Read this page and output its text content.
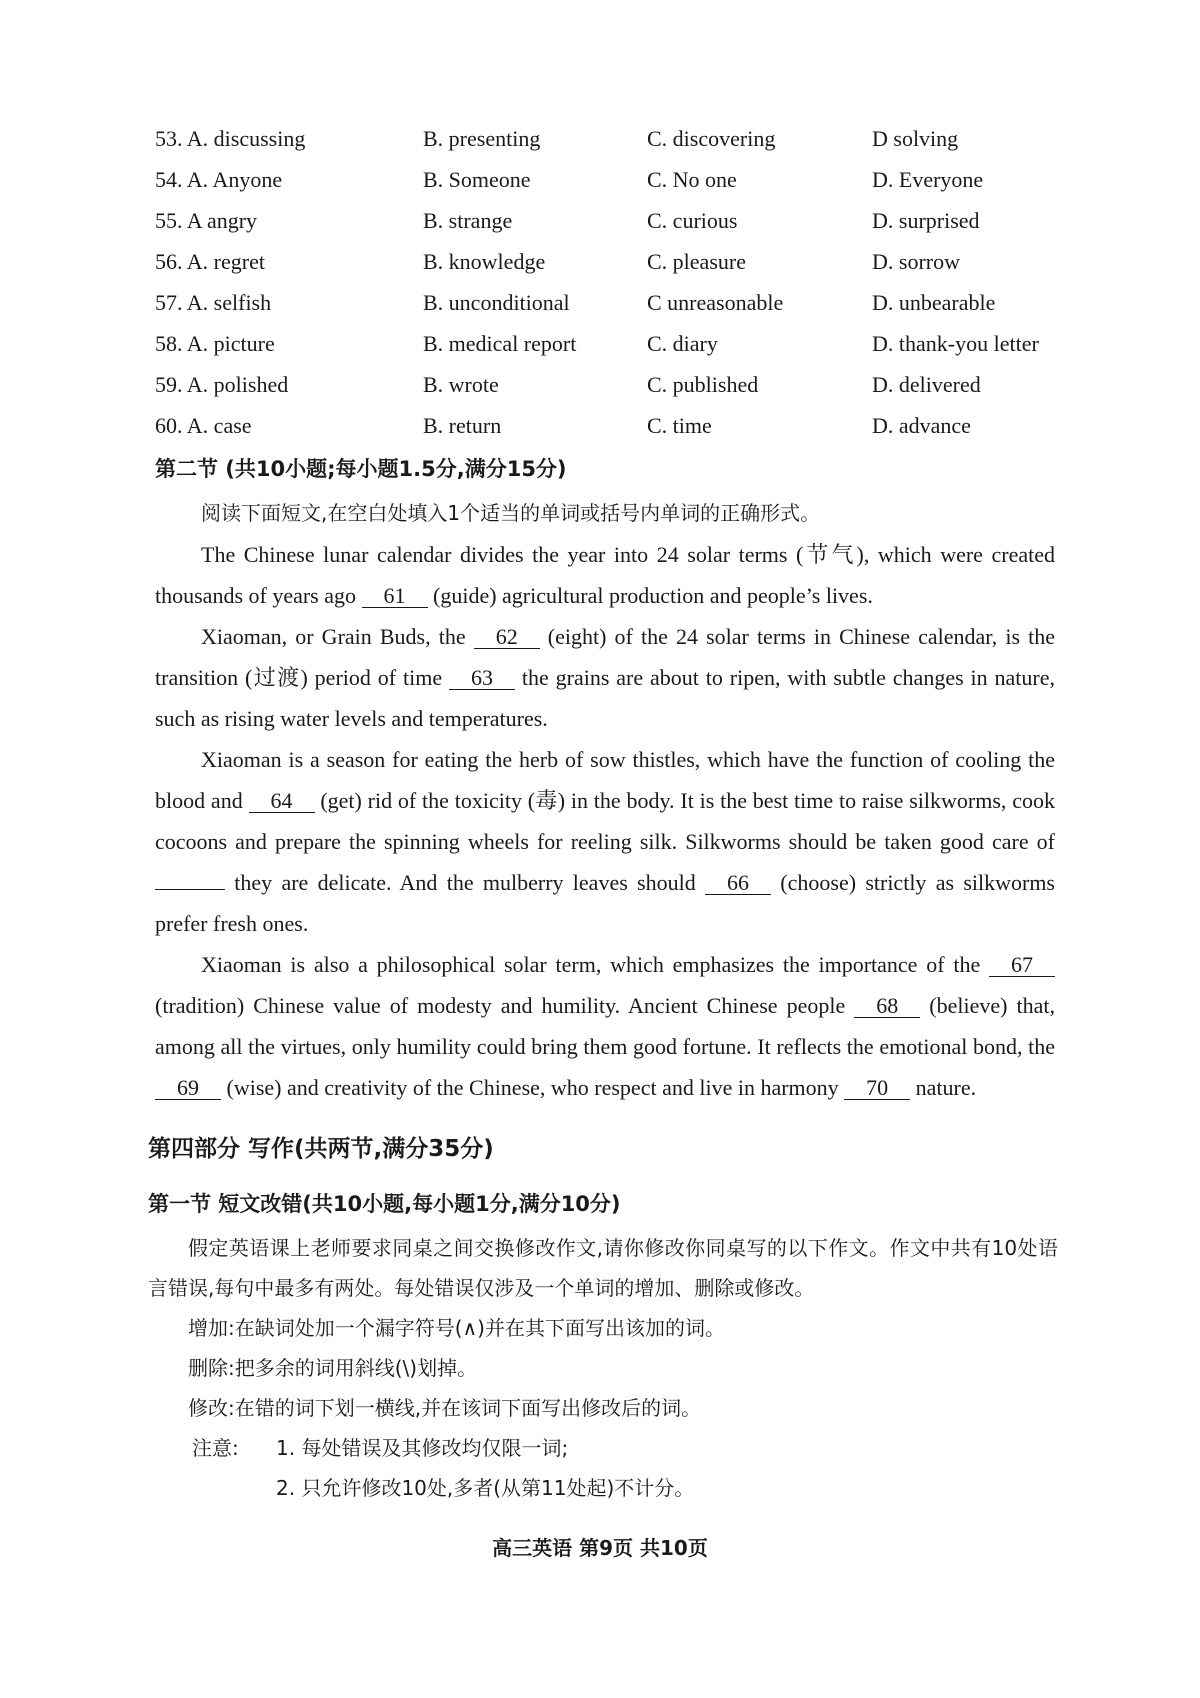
53. A. discussing	B. presenting	C. discovering	D solving
54. A. Anyone	B. Someone	C. No one	D. Everyone
55. A angry	B. strange	C. curious	D. surprised
56. A. regret	B. knowledge	C. pleasure	D. sorrow
57. A. selfish	B. unconditional	C unreasonable	D. unbearable
58. A. picture	B. medical report	C. diary	D. thank-you letter
59. A. polished	B. wrote	C. published	D. delivered
60. A. case	B. return	C. time	D. advance
第二节 (共10小题;每小题1.5分,满分15分)
阅读下面短文,在空白处填入1个适当的单词或括号内单词的正确形式。
The Chinese lunar calendar divides the year into 24 solar terms (节气), which were created thousands of years ago 61 (guide) agricultural production and people’s lives.
Xiaoman, or Grain Buds, the 62 (eight) of the 24 solar terms in Chinese calendar, is the transition (过渡) period of time 63 the grains are about to ripen, with subtle changes in nature, such as rising water levels and temperatures.
Xiaoman is a season for eating the herb of sow thistles, which have the function of cooling the blood and 64 (get) rid of the toxicity (毒) in the body. It is the best time to raise silkworms, cook cocoons and prepare the spinning wheels for reeling silk. Silkworms should be taken good care of they are delicate. And the mulberry leaves should 66 (choose) strictly as silkworms prefer fresh ones.
Xiaoman is also a philosophical solar term, which emphasizes the importance of the 67 (tradition) Chinese value of modesty and humility. Ancient Chinese people 68 (believe) that, among all the virtues, only humility could bring them good fortune. It reflects the emotional bond, the 69 (wise) and creativity of the Chinese, who respect and live in harmony 70 nature.
第四部分 写作(共两节,满分35分)
第一节 短文改错(共10小题,每小题1分,满分10分)
假定英语课上老师要求同桌之间交换修改作文,请你修改你同桌写的以下作文。作文中共有10处语言错误,每句中最多有两处。每处错误仅涉及一个单词的增加、删除或修改。
增加:在缺词处加一个漏字符号(∧)并在其下面写出该加的词。
删除:把多余的词用斜线(\)划掉。
修改:在错的词下划一横线,并在该词下面写出修改后的词。
注意: 1. 每处错误及其修改均仅限一词;
2. 只允许修改10处,多者(从第11处起)不计分。
高三英语 第9页 共10页
